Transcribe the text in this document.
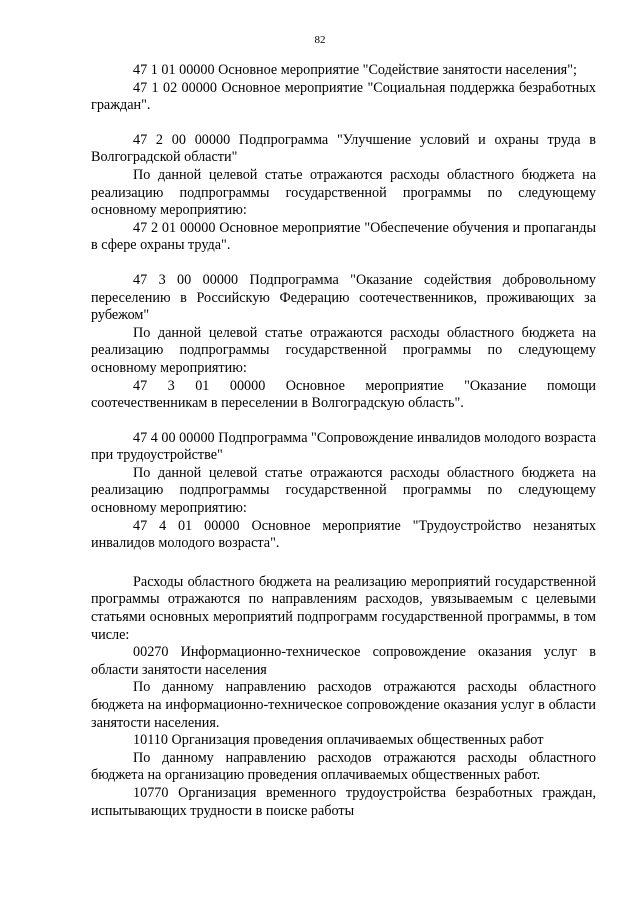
82

47 1 01 00000 Основное мероприятие "Содействие занятости населения";

47 1 02 00000 Основное мероприятие "Социальная поддержка безработных граждан".

47 2 00 00000 Подпрограмма "Улучшение условий и охраны труда в Волгоградской области"

По данной целевой статье отражаются расходы областного бюджета на реализацию подпрограммы государственной программы по следующему основному мероприятию:

47 2 01 00000 Основное мероприятие "Обеспечение обучения и пропаганды в сфере охраны труда".

47 3 00 00000 Подпрограмма "Оказание содействия добровольному переселению в Российскую Федерацию соотечественников, проживающих за рубежом"

По данной целевой статье отражаются расходы областного бюджета на реализацию подпрограммы государственной программы по следующему основному мероприятию:

47 3 01 00000 Основное мероприятие "Оказание помощи соотечественникам в переселении в Волгоградскую область".

47 4 00 00000 Подпрограмма "Сопровождение инвалидов молодого возраста при трудоустройстве"

По данной целевой статье отражаются расходы областного бюджета на реализацию подпрограммы государственной программы по следующему основному мероприятию:

47 4 01 00000 Основное мероприятие "Трудоустройство незанятых инвалидов молодого возраста".

Расходы областного бюджета на реализацию мероприятий государственной программы отражаются по направлениям расходов, увязываемым с целевыми статьями основных мероприятий подпрограмм государственной программы, в том числе:

00270 Информационно-техническое сопровождение оказания услуг в области занятости населения

По данному направлению расходов отражаются расходы областного бюджета на информационно-техническое сопровождение оказания услуг в области занятости населения.

10110 Организация проведения оплачиваемых общественных работ

По данному направлению расходов отражаются расходы областного бюджета на организацию проведения оплачиваемых общественных работ.

10770 Организация временного трудоустройства безработных граждан, испытывающих трудности в поиске работы
